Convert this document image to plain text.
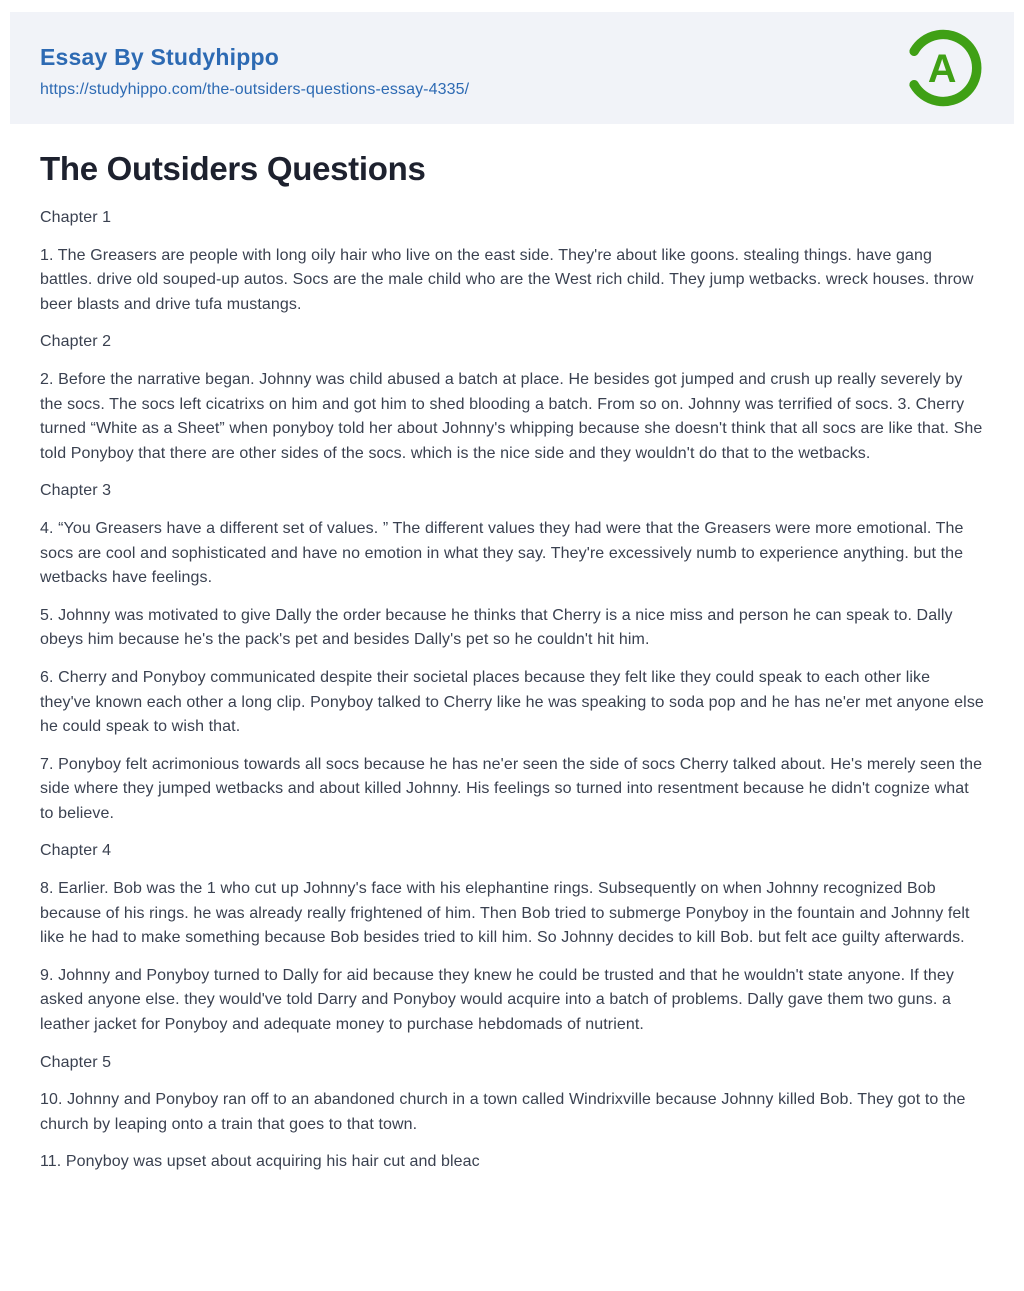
Essay By Studyhippo
https://studyhippo.com/the-outsiders-questions-essay-4335/	A
The Outsiders Questions

Chapter 1

1. The Greasers are people with long oily hair who live on the east side. They're about like goons. stealing things. have gang battles. drive old souped-up autos. Socs are the male child who are the West rich child. They jump wetbacks. wreck houses. throw beer blasts and drive tufa mustangs.

Chapter 2

2. Before the narrative began. Johnny was child abused a batch at place. He besides got jumped and crush up really severely by the socs. The socs left cicatrixs on him and got him to shed blooding a batch. From so on. Johnny was terrified of socs. 3. Cherry turned “White as a Sheet” when ponyboy told her about Johnny's whipping because she doesn't think that all socs are like that. She told Ponyboy that there are other sides of the socs. which is the nice side and they wouldn't do that to the wetbacks.

Chapter 3

4. “You Greasers have a different set of values. ” The different values they had were that the Greasers were more emotional. The socs are cool and sophisticated and have no emotion in what they say. They're excessively numb to experience anything. but the wetbacks have feelings.

5. Johnny was motivated to give Dally the order because he thinks that Cherry is a nice miss and person he can speak to. Dally obeys him because he's the pack's pet and besides Dally's pet so he couldn't hit him.

6. Cherry and Ponyboy communicated despite their societal places because they felt like they could speak to each other like they've known each other a long clip. Ponyboy talked to Cherry like he was speaking to soda pop and he has ne'er met anyone else he could speak to wish that.

7. Ponyboy felt acrimonious towards all socs because he has ne'er seen the side of socs Cherry talked about. He's merely seen the side where they jumped wetbacks and about killed Johnny. His feelings so turned into resentment because he didn't cognize what to believe.

Chapter 4

8. Earlier. Bob was the 1 who cut up Johnny's face with his elephantine rings. Subsequently on when Johnny recognized Bob because of his rings. he was already really frightened of him. Then Bob tried to submerge Ponyboy in the fountain and Johnny felt like he had to make something because Bob besides tried to kill him. So Johnny decides to kill Bob. but felt ace guilty afterwards.

9. Johnny and Ponyboy turned to Dally for aid because they knew he could be trusted and that he wouldn't state anyone. If they asked anyone else. they would've told Darry and Ponyboy would acquire into a batch of problems. Dally gave them two guns. a leather jacket for Ponyboy and adequate money to purchase hebdomads of nutrient.

Chapter 5

10. Johnny and Ponyboy ran off to an abandoned church in a town called Windrixville because Johnny killed Bob. They got to the church by leaping onto a train that goes to that town.

11. Ponyboy was upset about acquiring his hair cut and bleac
